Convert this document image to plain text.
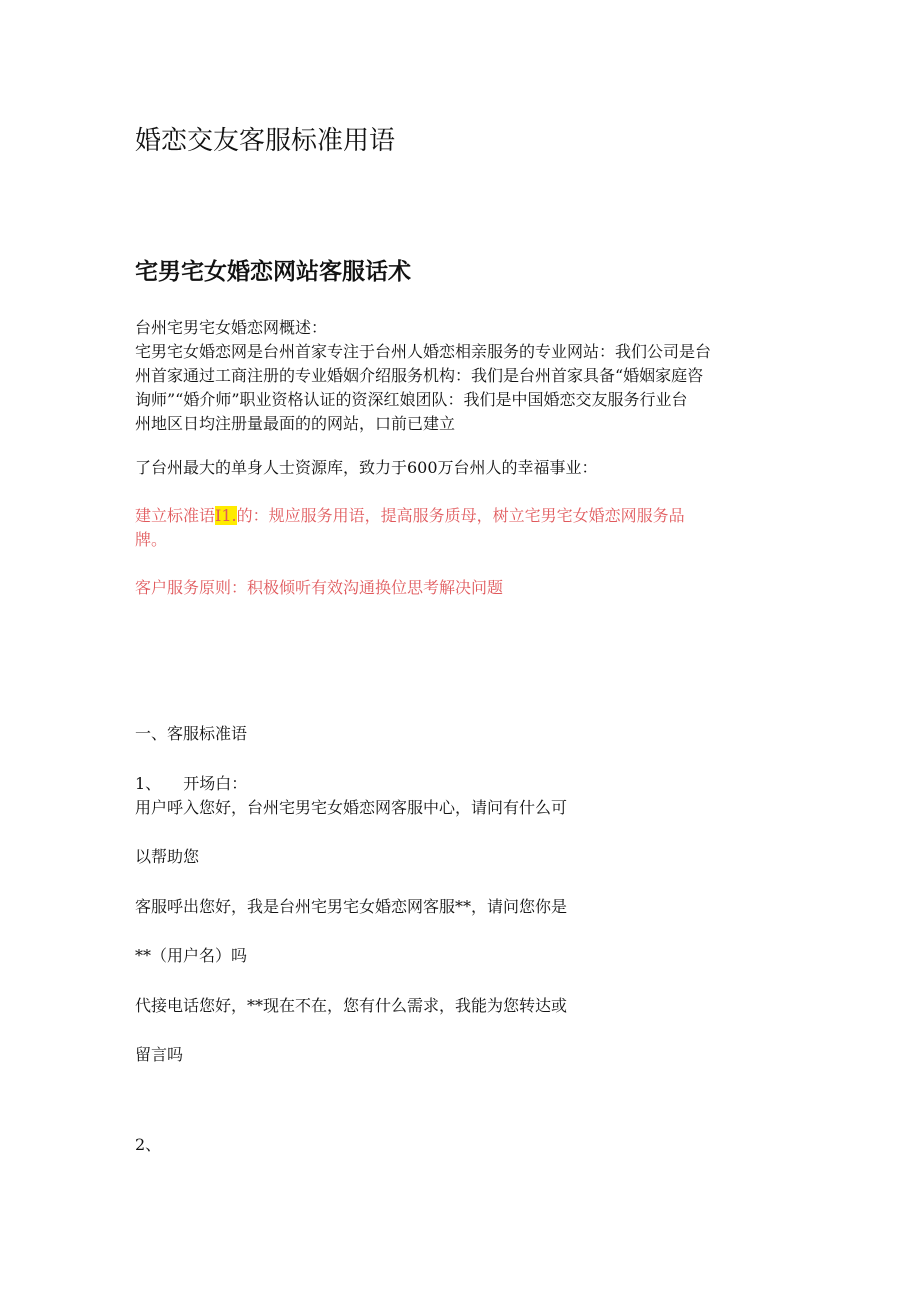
婚恋交友客服标准用语
宅男宅女婚恋网站客服话术
台州宅男宅女婚恋网概述：
宅男宅女婚恋网是台州首家专注于台州人婚恋相亲服务的专业网站：我们公司是台
州首家通过工商注册的专业婚姻介绍服务机构：我们是台州首家具备“婚姻家庭咨
询师”“婚介师”职业资格认证的资深红娘团队：我们是中国婚恋交友服务行业台
州地区日均注册量最面的的网站，口前已建立

了台州最大的单身人士资源库，致力于600万台州人的幸福事业：

建立标准语I1.的：规应服务用语，提高服务质母，树立宅男宅女婚恋网服务品
牌。

客户服务原则：积极倾听有效沟通换位思考解决问题

一、客服标准语

1、 开场白：

用户呼入您好，台州宅男宅女婚恋网客服中心，请问有什么可

以帮助您

客服呼出您好，我是台州宅男宅女婚恋网客服**，请问您你是

**（用户名）吗

代接电话您好，**现在不在，您有什么需求，我能为您转达或

留言吗

2、
